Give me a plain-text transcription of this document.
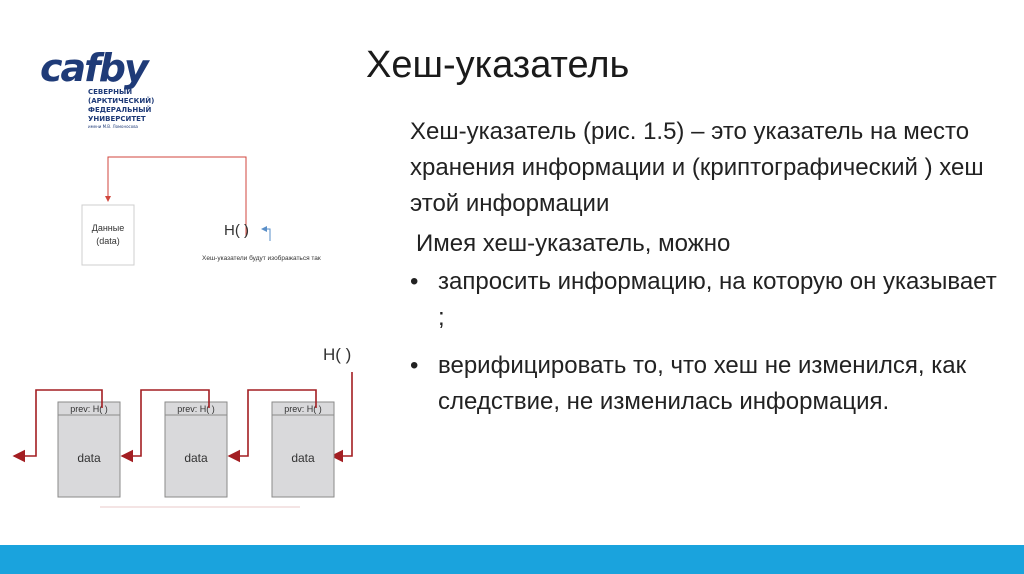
cafby
СЕВЕРНЫЙ
(АРКТИЧЕСКИЙ)
ФЕДЕРАЛЬНЫЙ
УНИВЕРСИТЕТ
имени М.В. Ломоносова
Хеш-указатель

Хеш-указатель (рис. 1.5) – это указатель на место хранения информации и (криптографический ) хеш этой информации

Имея хеш-указатель, можно

• запросить информацию, на которую он указывает ;
• верифицировать то, что хеш не изменился, как следствие, не изменилась информация.
Данные
(data)
H( )
Хеш-указатели будут изображаться так
H( )
prev: H( )
data
prev: H( )
data
prev: H( )
data
